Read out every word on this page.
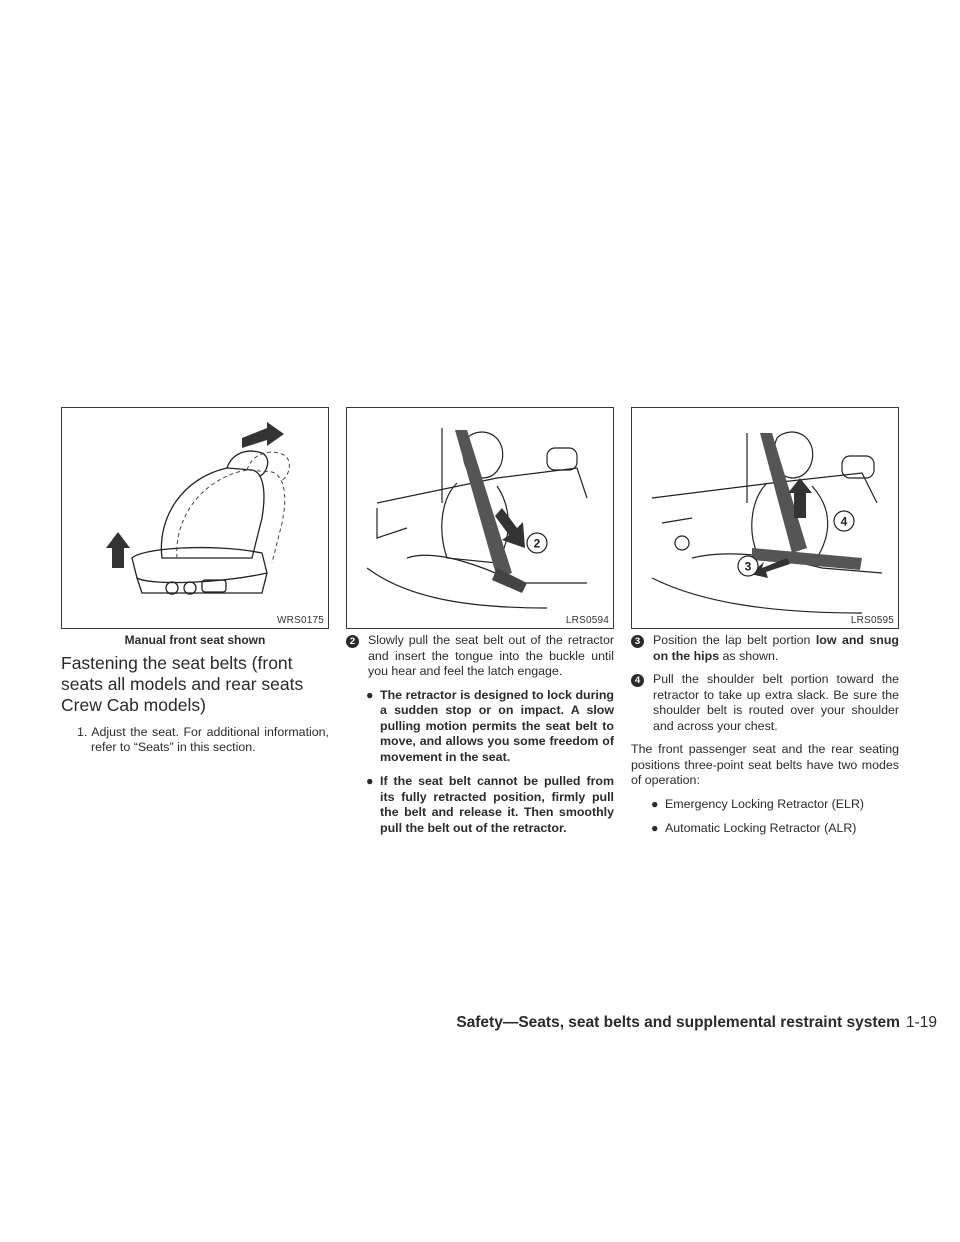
WRS0175
2
LRS0594
4
3
LRS0595
Manual front seat shown
Fastening the seat belts (front seats all models and rear seats Crew Cab models)

1. Adjust the seat. For additional information, refer to “Seats” in this section.

2	Slowly pull the seat belt out of the retractor and insert the tongue into the buckle until you hear and feel the latch engage.
● The retractor is designed to lock during a sudden stop or on impact. A slow pulling motion permits the seat belt to move, and allows you some freedom of movement in the seat.
● If the seat belt cannot be pulled from its fully retracted position, firmly pull the belt and release it. Then smoothly pull the belt out of the retractor.
3	Position the lap belt portion low and snug on the hips as shown.
4	Pull the shoulder belt portion toward the retractor to take up extra slack. Be sure the shoulder belt is routed over your shoulder and across your chest.

The front passenger seat and the rear seating positions three-point seat belts have two modes of operation:

● Emergency Locking Retractor (ELR)
● Automatic Locking Retractor (ALR)
Safety—Seats, seat belts and supplemental restraint system 1-19
